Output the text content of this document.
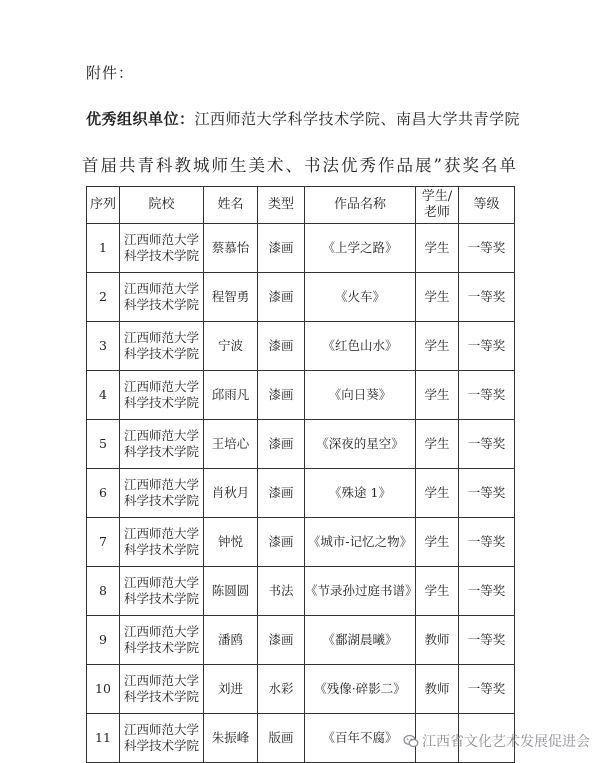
附件：
优秀组织单位：江西师范大学科学技术学院、南昌大学共青学院
首届共青科教城师生美术、书法优秀作品展”获奖名单
序列	院校	姓名	类型	作品名称	学生/老师	等级
1	江西师范大学科学技术学院	蔡慕怡	漆画	《上学之路》	学生	一等奖
2	江西师范大学科学技术学院	程智勇	漆画	《火车》	学生	一等奖
3	江西师范大学科学技术学院	宁波	漆画	《红色山水》	学生	一等奖
4	江西师范大学科学技术学院	邱雨凡	漆画	《向日葵》	学生	一等奖
5	江西师范大学科学技术学院	王培心	漆画	《深夜的星空》	学生	一等奖
6	江西师范大学科学技术学院	肖秋月	漆画	《殊途 1》	学生	一等奖
7	江西师范大学科学技术学院	钟悦	漆画	《城市-记忆之物》	学生	一等奖
8	江西师范大学科学技术学院	陈圆圆	书法	《节录孙过庭书谱》	学生	一等奖
9	江西师范大学科学技术学院	潘鸥	漆画	《鄱湖晨曦》	教师	一等奖
10	江西师范大学科学技术学院	刘进	水彩	《残像·碎影二》	教师	一等奖
11	江西师范大学科学技术学院	朱振峰	版画	《百年不腐》			江西省文化艺术发展促进会
